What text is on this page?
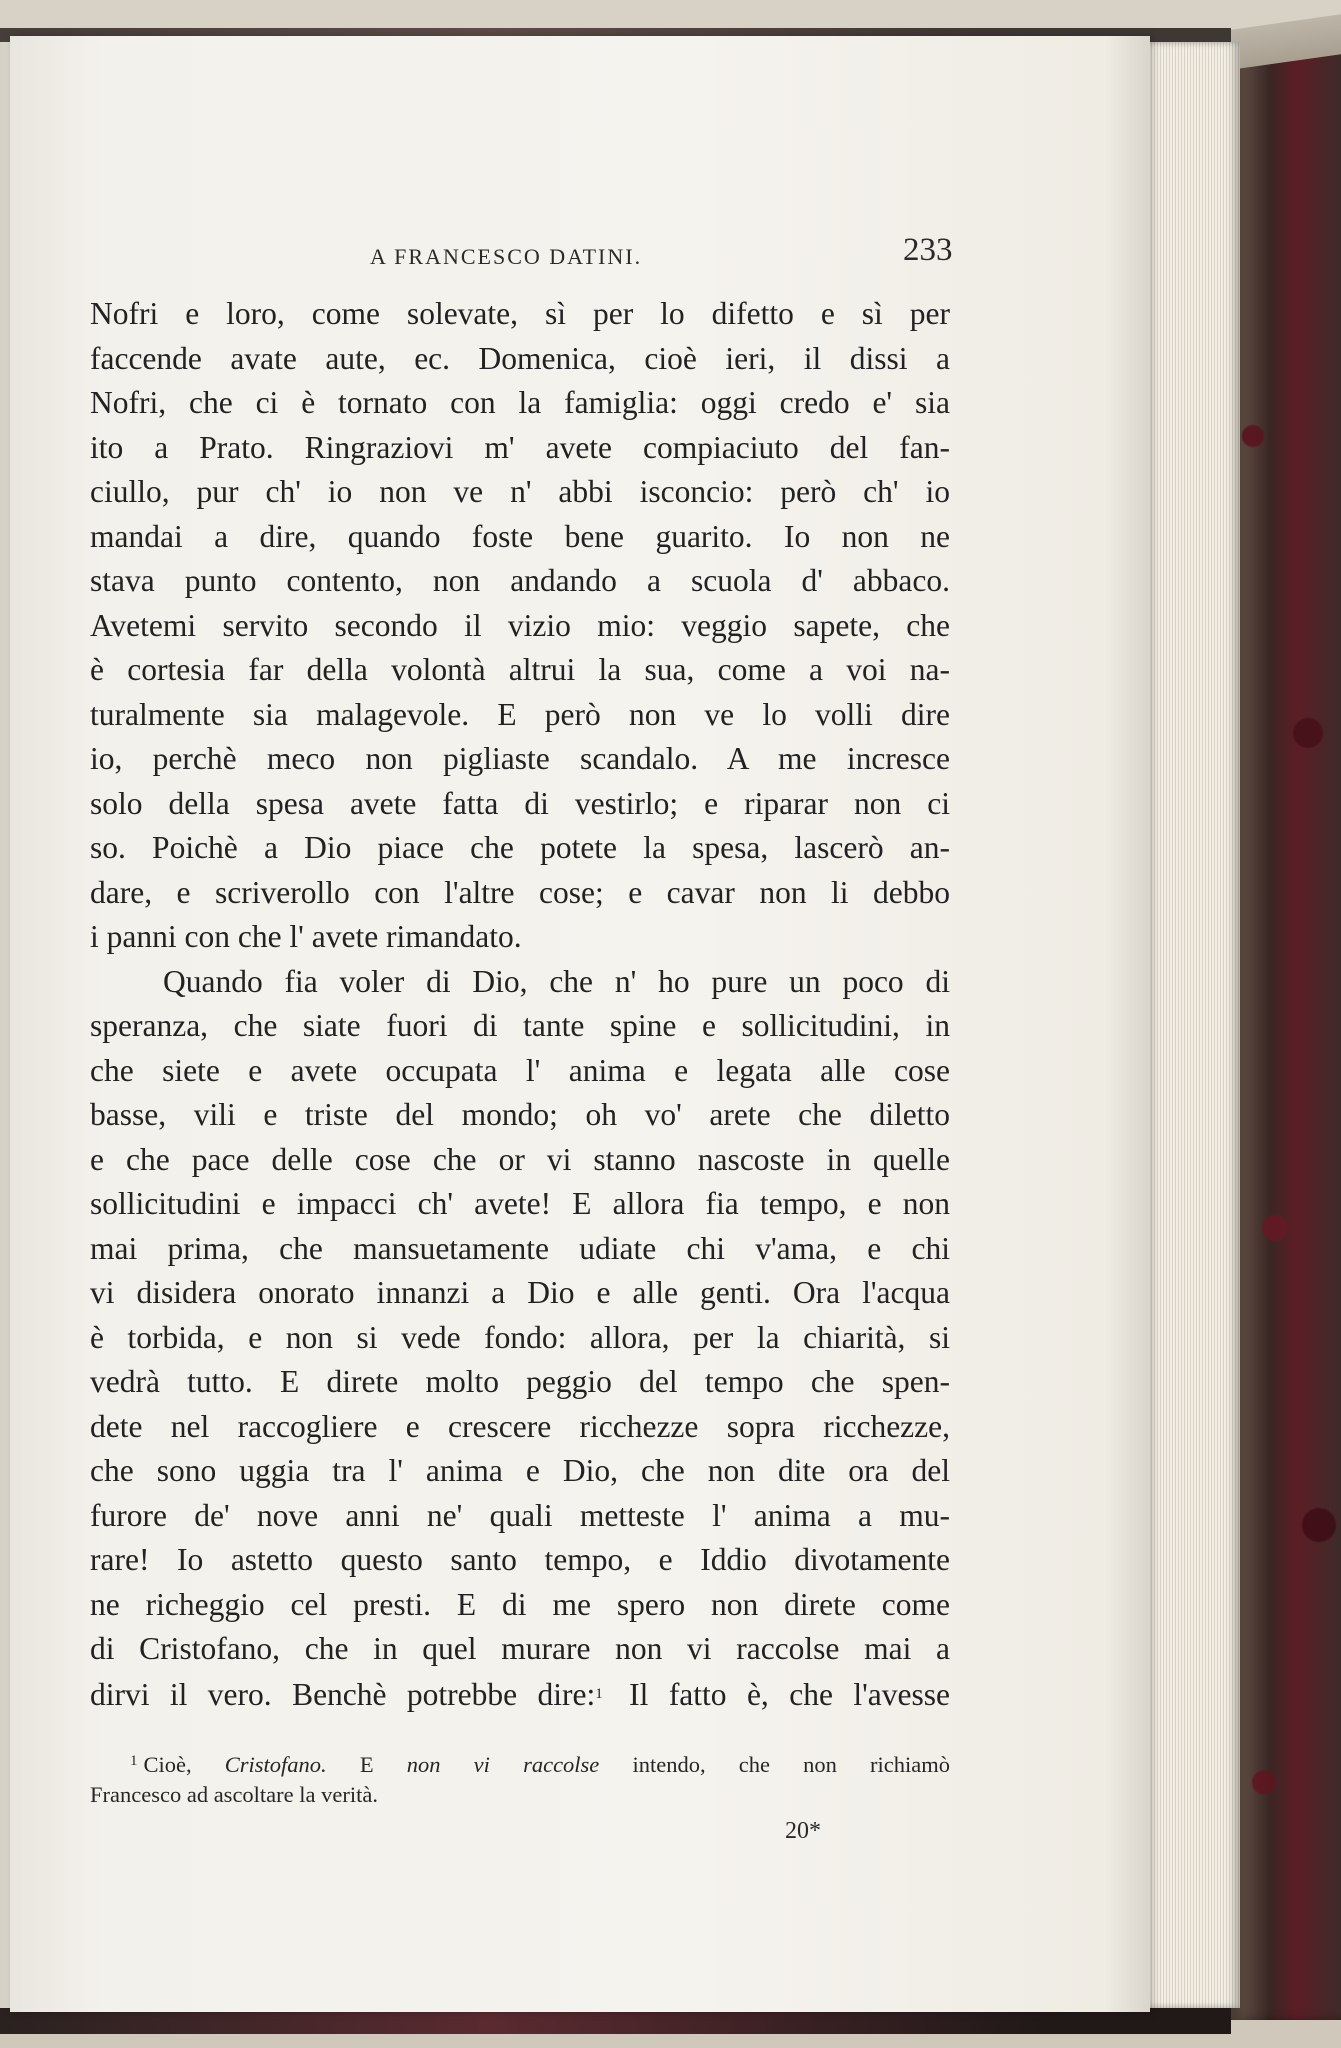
A FRANCESCO DATINI.	233
Nofri e loro, come solevate, sì per lo difetto e sì per
faccende avate aute, ec. Domenica, cioè ieri, il dissi a
Nofri, che ci è tornato con la famiglia: oggi credo e' sia
ito a Prato. Ringraziovi m' avete compiaciuto del fan-
ciullo, pur ch' io non ve n' abbi isconcio: però ch' io
mandai a dire, quando foste bene guarito. Io non ne
stava punto contento, non andando a scuola d' abbaco.
Avetemi servito secondo il vizio mio: veggio sapete, che
è cortesia far della volontà altrui la sua, come a voi na-
turalmente sia malagevole. E però non ve lo volli dire
io, perchè meco non pigliaste scandalo. A me incresce
solo della spesa avete fatta di vestirlo; e riparar non ci
so. Poichè a Dio piace che potete la spesa, lascerò an-
dare, e scriverollo con l'altre cose; e cavar non li debbo
i panni con che l' avete rimandato.
Quando fia voler di Dio, che n' ho pure un poco di
speranza, che siate fuori di tante spine e sollicitudini, in
che siete e avete occupata l' anima e legata alle cose
basse, vili e triste del mondo; oh vo' arete che diletto
e che pace delle cose che or vi stanno nascoste in quelle
sollicitudini e impacci ch' avete! E allora fia tempo, e non
mai prima, che mansuetamente udiate chi v'ama, e chi
vi disidera onorato innanzi a Dio e alle genti. Ora l'acqua
è torbida, e non si vede fondo: allora, per la chiarità, si
vedrà tutto. E direte molto peggio del tempo che spen-
dete nel raccogliere e crescere ricchezze sopra ricchezze,
che sono uggia tra l' anima e Dio, che non dite ora del
furore de' nove anni ne' quali metteste l' anima a mu-
rare! Io astetto questo santo tempo, e Iddio divotamente
ne richeggio cel presti. E di me spero non direte come
di Cristofano, che in quel murare non vi raccolse mai a
dirvi il vero. Benchè potrebbe dire:$^1$ Il fatto è, che l'avesse
$^1$ Cioè, Cristofano. E non vi raccolse intendo, che non richiamò
Francesco ad ascoltare la verità.
20*
